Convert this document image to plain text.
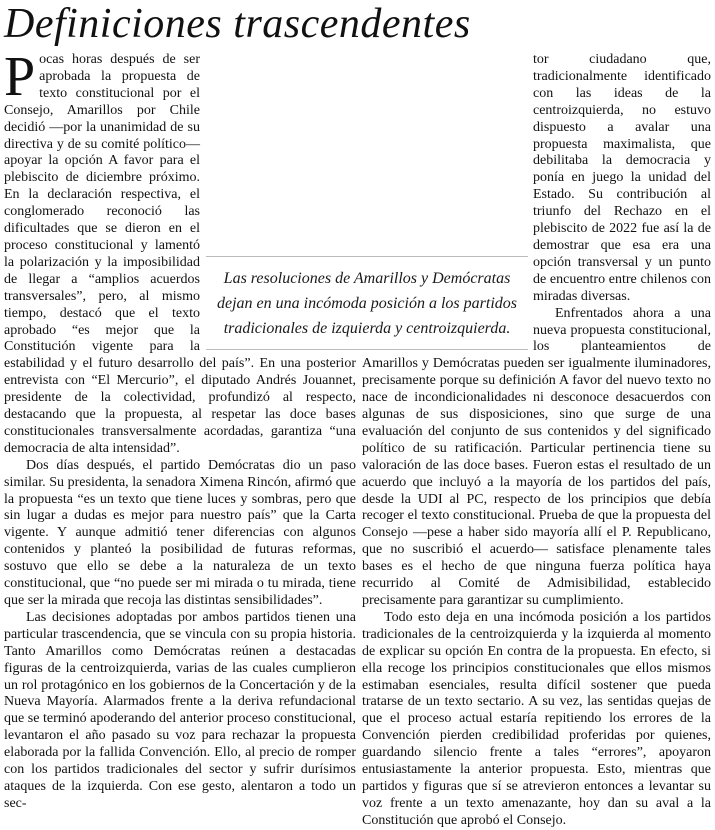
Definiciones trascendentes

Pocas horas después de ser aprobada la propuesta de texto constitucional por el Consejo, Amarillos por Chile decidió —por la unanimidad de su directiva y de su comité político— apoyar la opción A favor para el plebiscito de diciembre próximo. En la declaración respectiva, el conglomerado reconoció las dificultades que se dieron en el proceso constitucional y lamentó la polarización y la imposibilidad de llegar a “amplios acuerdos transversales”, pero, al mismo tiempo, destacó que el texto aprobado “es mejor que la Constitución vigente para la estabilidad y el futuro desarrollo del país”. En una posterior entrevista con “El Mercurio”, el diputado Andrés Jouannet, presidente de la colectividad, profundizó al respecto, destacando que la propuesta, al respetar las doce bases constitucionales transversalmente acordadas, garantiza “una democracia de alta intensidad”.

Dos días después, el partido Demócratas dio un paso similar. Su presidenta, la senadora Ximena Rincón, afirmó que la propuesta “es un texto que tiene luces y sombras, pero que sin lugar a dudas es mejor para nuestro país” que la Carta vigente. Y aunque admitió tener diferencias con algunos contenidos y planteó la posibilidad de futuras reformas, sostuvo que ello se debe a la naturaleza de un texto constitucional, que “no puede ser mi mirada o tu mirada, tiene que ser la mirada que recoja las distintas sensibilidades”.

Las decisiones adoptadas por ambos partidos tienen una particular trascendencia, que se vincula con su propia historia. Tanto Amarillos como Demócratas reúnen a destacadas figuras de la centroizquierda, varias de las cuales cumplieron un rol protagónico en los gobiernos de la Concertación y de la Nueva Mayoría. Alarmados frente a la deriva refundacional que se terminó apoderando del anterior proceso constitucional, levantaron el año pasado su voz para rechazar la propuesta elaborada por la fallida Convención. Ello, al precio de romper con los partidos tradicionales del sector y sufrir durísimos ataques de la izquierda. Con ese gesto, alentaron a todo un sec-

tor ciudadano que, tradicionalmente identificado con las ideas de la centroizquierda, no estuvo dispuesto a avalar una propuesta maximalista, que debilitaba la democracia y ponía en juego la unidad del Estado. Su contribución al triunfo del Rechazo en el plebiscito de 2022 fue así la de demostrar que esa era una opción transversal y un punto de encuentro entre chilenos con miradas diversas.

Enfrentados ahora a una nueva propuesta constitucional, los planteamientos de Amarillos y Demócratas pueden ser igualmente iluminadores, precisamente porque su definición A favor del nuevo texto no nace de incondicionalidades ni desconoce desacuerdos con algunas de sus disposiciones, sino que surge de una evaluación del conjunto de sus contenidos y del significado político de su ratificación. Particular pertinencia tiene su valoración de las doce bases. Fueron estas el resultado de un acuerdo que incluyó a la mayoría de los partidos del país, desde la UDI al PC, respecto de los principios que debía recoger el texto constitucional. Prueba de que la propuesta del Consejo —pese a haber sido mayoría allí el P. Republicano, que no suscribió el acuerdo— satisface plenamente tales bases es el hecho de que ninguna fuerza política haya recurrido al Comité de Admisibilidad, establecido precisamente para garantizar su cumplimiento.

Todo esto deja en una incómoda posición a los partidos tradicionales de la centroizquierda y la izquierda al momento de explicar su opción En contra de la propuesta. En efecto, si ella recoge los principios constitucionales que ellos mismos estimaban esenciales, resulta difícil sostener que pueda tratarse de un texto sectario. A su vez, las sentidas quejas de que el proceso actual estaría repitiendo los errores de la Convención pierden credibilidad proferidas por quienes, guardando silencio frente a tales “errores”, apoyaron entusiastamente la anterior propuesta. Esto, mientras que partidos y figuras que sí se atrevieron entonces a levantar su voz frente a un texto amenazante, hoy dan su aval a la Constitución que aprobó el Consejo.

Las resoluciones de Amarillos y Demócratas dejan en una incómoda posición a los partidos tradicionales de izquierda y centroizquierda.
